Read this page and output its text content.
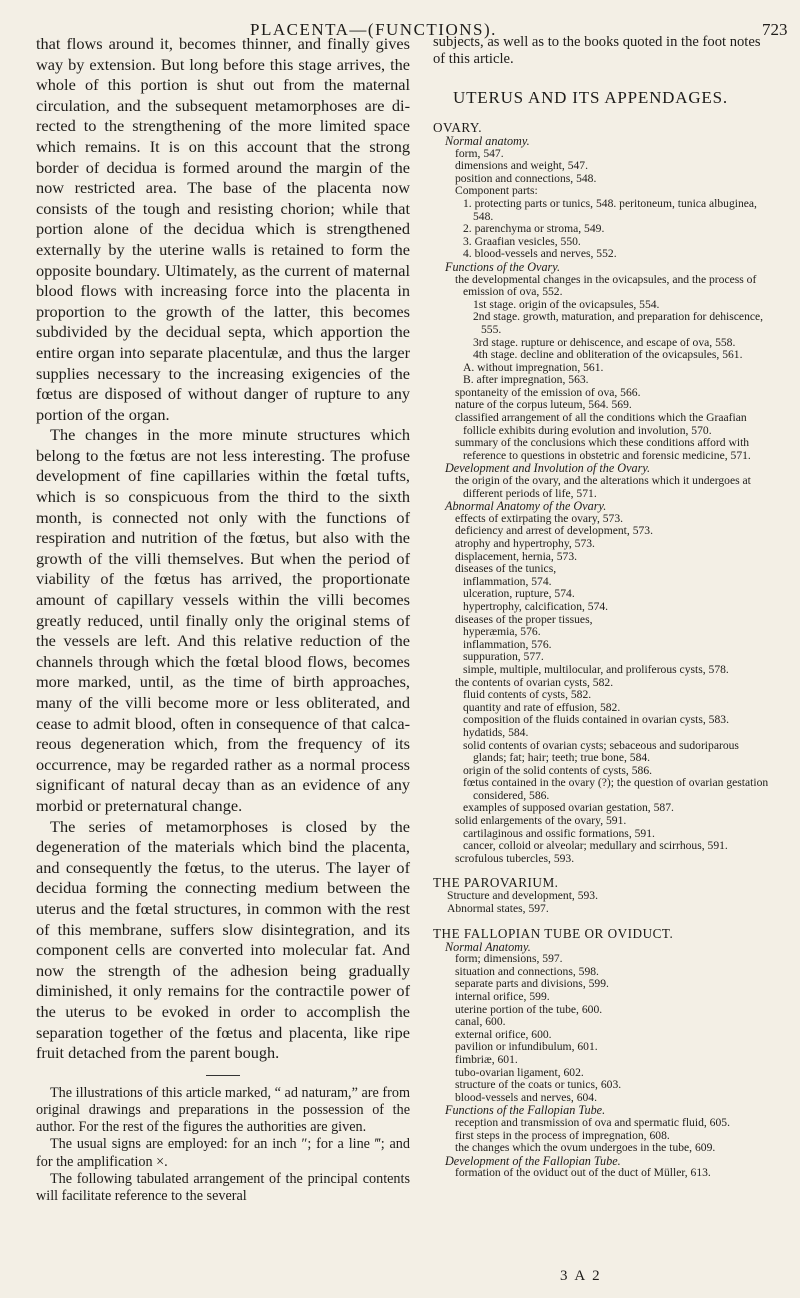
PLACENTA—(FUNCTIONS).	723

that flows around it, becomes thinner, and finally gives way by extension. But long before this stage arrives, the whole of this portion is shut out from the maternal circulation, and the subsequent metamorphoses are directed to the strengthening of the more limited space which remains. It is on this account that the strong border of decidua is formed around the margin of the now restricted area. The base of the placenta now consists of the tough and resisting chorion; while that portion alone of the decidua which is strengthened externally by the uterine walls is retained to form the opposite boundary. Ultimately, as the current of maternal blood flows with increasing force into the placenta in proportion to the growth of the latter, this becomes subdivided by the decidual septa, which apportion the entire organ into separate placentulæ, and thus the larger supplies necessary to the increasing exigencies of the fœtus are disposed of without danger of rupture to any portion of the organ.

The changes in the more minute structures which belong to the fœtus are not less interesting. The profuse development of fine capillaries within the fœtal tufts, which is so conspicuous from the third to the sixth month, is connected not only with the functions of respiration and nutrition of the fœtus, but also with the growth of the villi themselves. But when the period of viability of the fœtus has arrived, the proportionate amount of capillary vessels within the villi becomes greatly reduced, until finally only the original stems of the vessels are left. And this relative reduction of the channels through which the fœtal blood flows, becomes more marked, until, as the time of birth approaches, many of the villi become more or less obliterated, and cease to admit blood, often in consequence of that calcareous degeneration which, from the frequency of its occurrence, may be regarded rather as a normal process significant of natural decay than as an evidence of any morbid or preternatural change.

The series of metamorphoses is closed by the degeneration of the materials which bind the placenta, and consequently the fœtus, to the uterus. The layer of decidua forming the connecting medium between the uterus and the fœtal structures, in common with the rest of this membrane, suffers slow disintegration, and its component cells are converted into molecular fat. And now the strength of the adhesion being gradually diminished, it only remains for the contractile power of the uterus to be evoked in order to accomplish the separation together of the fœtus and placenta, like ripe fruit detached from the parent bough.

The illustrations of this article marked, “ ad naturam,” are from original drawings and preparations in the possession of the author. For the rest of the figures the authorities are given.

The usual signs are employed: for an inch ″; for a line ‴; and for the amplification ×.

The following tabulated arrangement of the principal contents will facilitate reference to the several

subjects, as well as to the books quoted in the foot notes of this article.

UTERUS AND ITS APPENDAGES.
OVARY.
Normal anatomy.
form, 547.
dimensions and weight, 547.
position and connections, 548.
Component parts:
1. protecting parts or tunics, 548. peritoneum, tunica albuginea, 548.
2. parenchyma or stroma, 549.
3. Graafian vesicles, 550.
4. blood-vessels and nerves, 552.
Functions of the Ovary.
the developmental changes in the ovicapsules, and the process of emission of ova, 552.
1st stage. origin of the ovicapsules, 554.
2nd stage. growth, maturation, and preparation for dehiscence, 555.
3rd stage. rupture or dehiscence, and escape of ova, 558.
4th stage. decline and obliteration of the ovicapsules, 561.
A. without impregnation, 561.
B. after impregnation, 563.
spontaneity of the emission of ova, 566.
nature of the corpus luteum, 564. 569.
classified arrangement of all the conditions which the Graafian follicle exhibits during evolution and involution, 570.
summary of the conclusions which these conditions afford with reference to questions in obstetric and forensic medicine, 571.
Development and Involution of the Ovary.
the origin of the ovary, and the alterations which it undergoes at different periods of life, 571.
Abnormal Anatomy of the Ovary.
effects of extirpating the ovary, 573.
deficiency and arrest of development, 573.
atrophy and hypertrophy, 573.
displacement, hernia, 573.
diseases of the tunics,
inflammation, 574.
ulceration, rupture, 574.
hypertrophy, calcification, 574.
diseases of the proper tissues,
hyperæmia, 576.
inflammation, 576.
suppuration, 577.
simple, multiple, multilocular, and proliferous cysts, 578.
the contents of ovarian cysts, 582.
fluid contents of cysts, 582.
quantity and rate of effusion, 582.
composition of the fluids contained in ovarian cysts, 583.
hydatids, 584.
solid contents of ovarian cysts; sebaceous and sudoriparous glands; fat; hair; teeth; true bone, 584.
origin of the solid contents of cysts, 586.
fœtus contained in the ovary (?); the question of ovarian gestation considered, 586.
examples of supposed ovarian gestation, 587.
solid enlargements of the ovary, 591.
cartilaginous and ossific formations, 591.
cancer, colloid or alveolar; medullary and scirrhous, 591.
scrofulous tubercles, 593.
THE PAROVARIUM.
Structure and development, 593.
Abnormal states, 597.
THE FALLOPIAN TUBE OR OVIDUCT.
Normal Anatomy.
form; dimensions, 597.
situation and connections, 598.
separate parts and divisions, 599.
internal orifice, 599.
uterine portion of the tube, 600.
canal, 600.
external orifice, 600.
pavilion or infundibulum, 601.
fimbriæ, 601.
tubo-ovarian ligament, 602.
structure of the coats or tunics, 603.
blood-vessels and nerves, 604.
Functions of the Fallopian Tube.
reception and transmission of ova and spermatic fluid, 605.
first steps in the process of impregnation, 608.
the changes which the ovum undergoes in the tube, 609.
Development of the Fallopian Tube.
formation of the oviduct out of the duct of Müller, 613.
3 A 2
